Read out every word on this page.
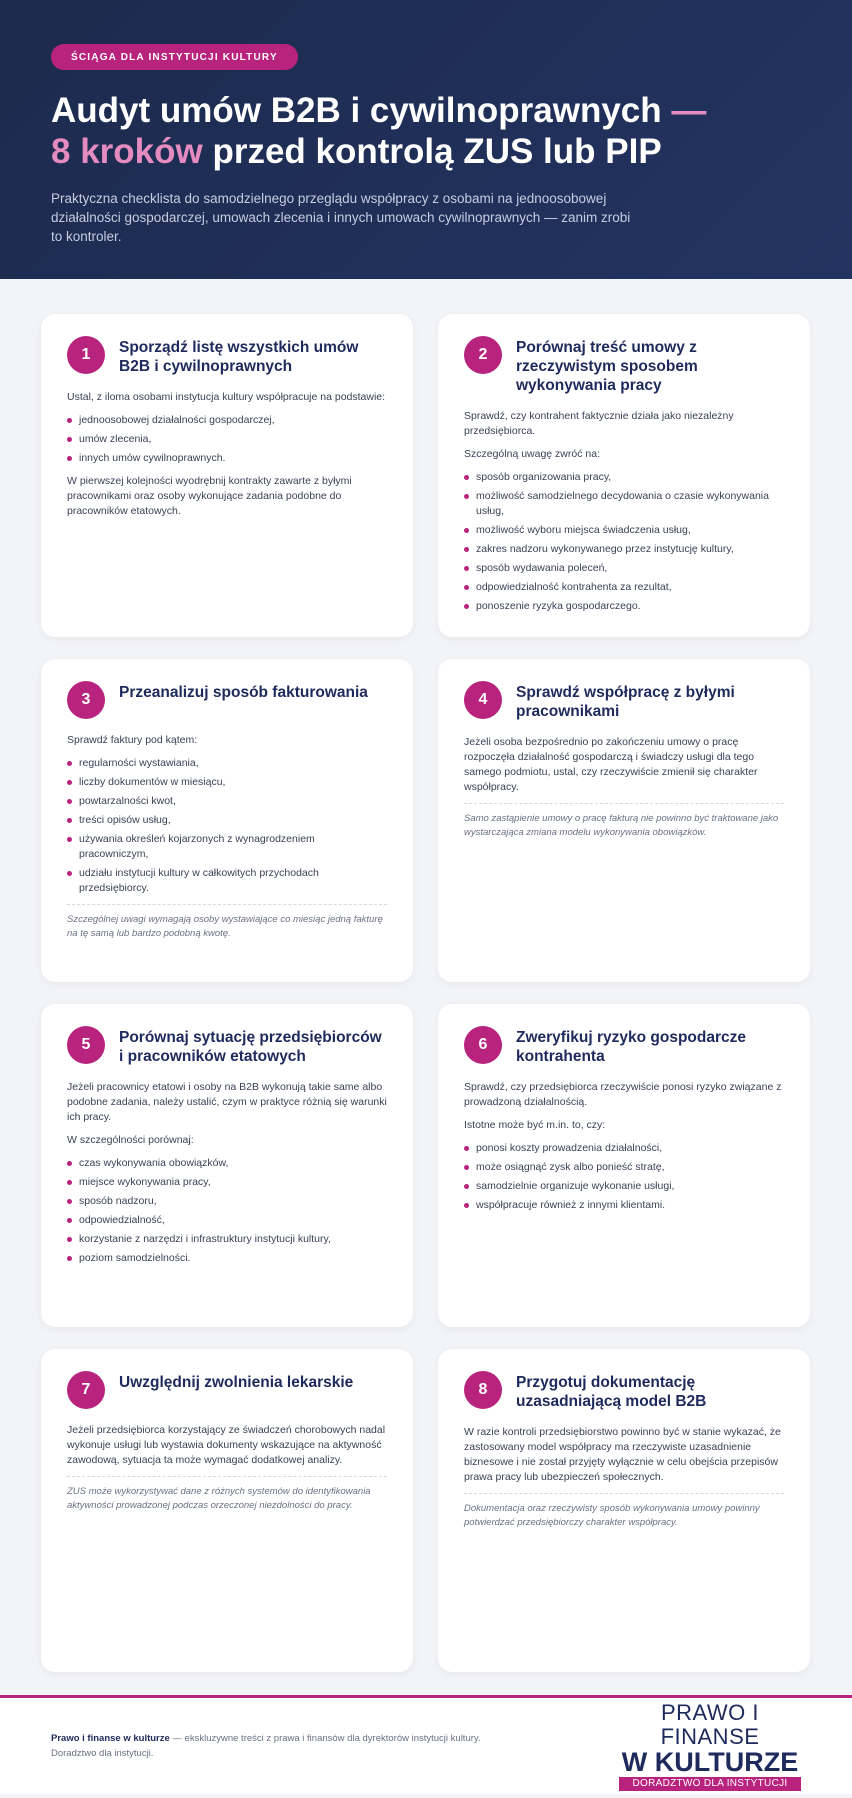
ŚCIĄGA DLA INSTYTUCJI KULTURY
Audyt umów B2B i cywilnoprawnych —
8 kroków przed kontrolą ZUS lub PIP

Praktyczna checklista do samodzielnego przeglądu współpracy z osobami na jednoosobowej działalności gospodarczej, umowach zlecenia i innych umowach cywilnoprawnych — zanim zrobi to kontroler.

1	Sporządź listę wszystkich umów B2B i cywilnoprawnych

Ustal, z iloma osobami instytucja kultury współpracuje na podstawie:

jednoosobowej działalności gospodarczej,
umów zlecenia,
innych umów cywilnoprawnych.

W pierwszej kolejności wyodrębnij kontrakty zawarte z byłymi pracownikami oraz osoby wykonujące zadania podobne do pracowników etatowych.

2	Porównaj treść umowy z rzeczywistym sposobem wykonywania pracy

Sprawdź, czy kontrahent faktycznie działa jako niezależny przedsiębiorca.

Szczególną uwagę zwróć na:

sposób organizowania pracy,
możliwość samodzielnego decydowania o czasie wykonywania usług,
możliwość wyboru miejsca świadczenia usług,
zakres nadzoru wykonywanego przez instytucję kultury,
sposób wydawania poleceń,
odpowiedzialność kontrahenta za rezultat,
ponoszenie ryzyka gospodarczego.
3	Przeanalizuj sposób fakturowania

Sprawdź faktury pod kątem:

regularności wystawiania,
liczby dokumentów w miesiącu,
powtarzalności kwot,
treści opisów usług,
używania określeń kojarzonych z wynagrodzeniem pracowniczym,
udziału instytucji kultury w całkowitych przychodach przedsiębiorcy.

Szczególnej uwagi wymagają osoby wystawiające co miesiąc jedną fakturę na tę samą lub bardzo podobną kwotę.

4	Sprawdź współpracę z byłymi pracownikami

Jeżeli osoba bezpośrednio po zakończeniu umowy o pracę rozpoczęła działalność gospodarczą i świadczy usługi dla tego samego podmiotu, ustal, czy rzeczywiście zmienił się charakter współpracy.

Samo zastąpienie umowy o pracę fakturą nie powinno być traktowane jako wystarczająca zmiana modelu wykonywania obowiązków.

5	Porównaj sytuację przedsiębiorców i pracowników etatowych

Jeżeli pracownicy etatowi i osoby na B2B wykonują takie same albo podobne zadania, należy ustalić, czym w praktyce różnią się warunki ich pracy.

W szczególności porównaj:

czas wykonywania obowiązków,
miejsce wykonywania pracy,
sposób nadzoru,
odpowiedzialność,
korzystanie z narzędzi i infrastruktury instytucji kultury,
poziom samodzielności.
6	Zweryfikuj ryzyko gospodarcze kontrahenta

Sprawdź, czy przedsiębiorca rzeczywiście ponosi ryzyko związane z prowadzoną działalnością.

Istotne może być m.in. to, czy:

ponosi koszty prowadzenia działalności,
może osiągnąć zysk albo ponieść stratę,
samodzielnie organizuje wykonanie usługi,
współpracuje również z innymi klientami.
7	Uwzględnij zwolnienia lekarskie

Jeżeli przedsiębiorca korzystający ze świadczeń chorobowych nadal wykonuje usługi lub wystawia dokumenty wskazujące na aktywność zawodową, sytuacja ta może wymagać dodatkowej analizy.

ZUS może wykorzystywać dane z różnych systemów do identyfikowania aktywności prowadzonej podczas orzeczonej niezdolności do pracy.

8	Przygotuj dokumentację uzasadniającą model B2B

W razie kontroli przedsiębiorstwo powinno być w stanie wykazać, że zastosowany model współpracy ma rzeczywiste uzasadnienie biznesowe i nie został przyjęty wyłącznie w celu obejścia przepisów prawa pracy lub ubezpieczeń społecznych.

Dokumentacja oraz rzeczywisty sposób wykonywania umowy powinny potwierdzać przedsiębiorczy charakter współpracy.

Prawo i finanse w kulturze — ekskluzywne treści z prawa i finansów dla dyrektorów instytucji kultury. Doradztwo dla instytucji.

PRAWO I FINANSE
W KULTURZE
DORADZTWO DLA INSTYTUCJI
